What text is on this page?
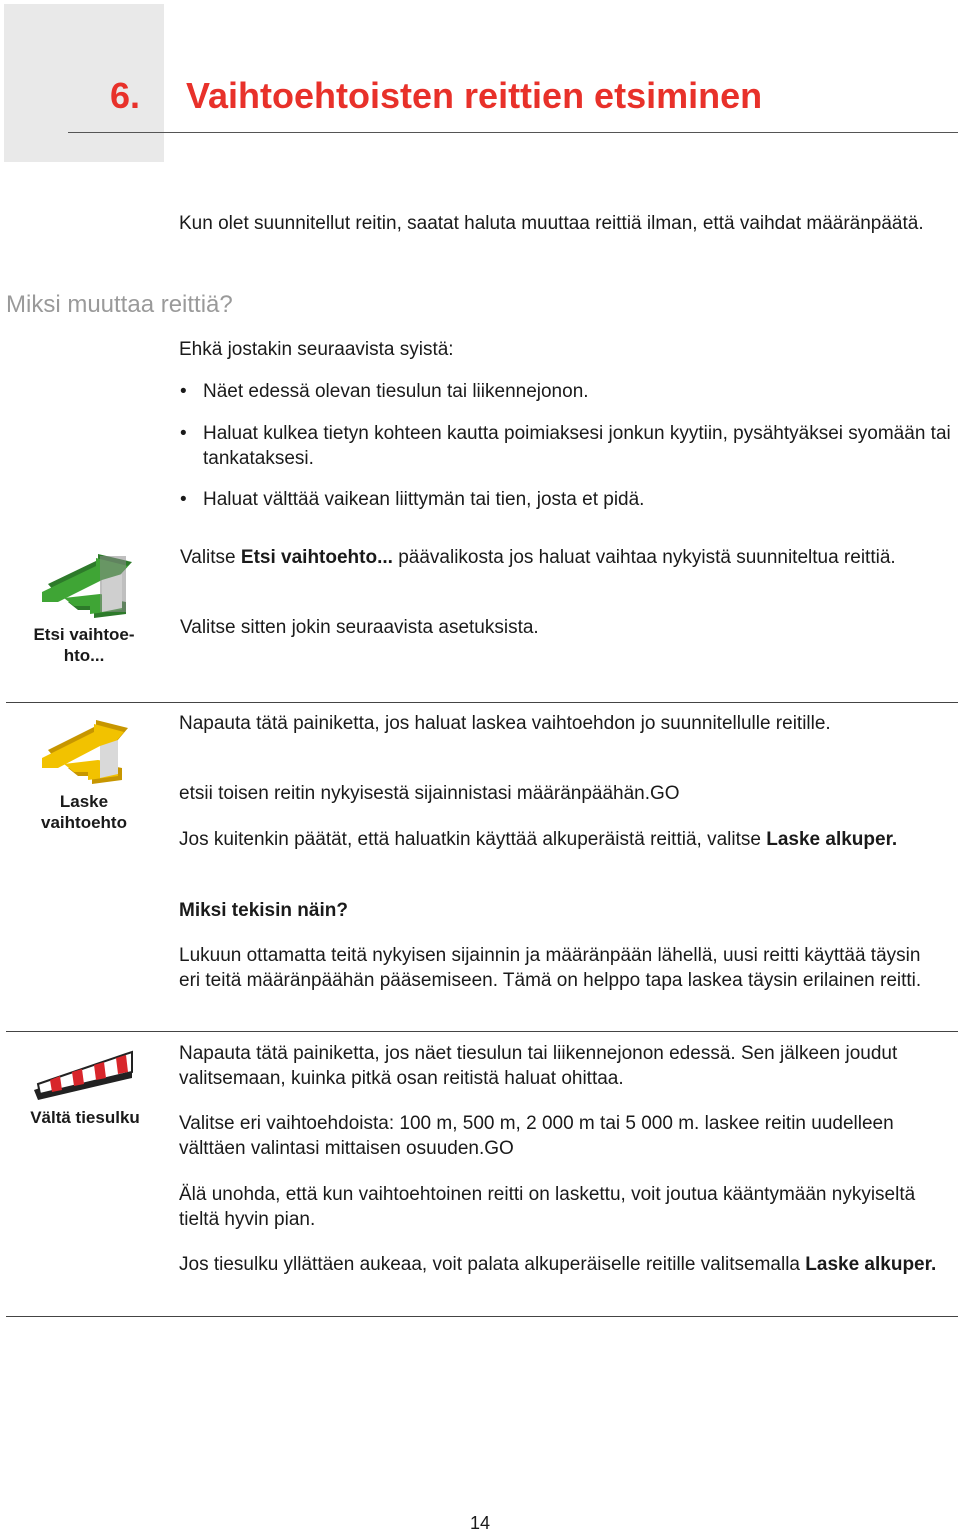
6. Vaihtoehtoisten reittien etsiminen
Kun olet suunnitellut reitin, saatat haluta muuttaa reittiä ilman, että vaihdat määränpäätä.
Miksi muuttaa reittiä?
Ehkä jostakin seuraavista syistä:
• Näet edessä olevan tiesulun tai liikennejonon.
• Haluat kulkea tietyn kohteen kautta poimiaksesi jonkun kyytiin, pysähtyäksei syomään tai tankataksesi.
• Haluat välttää vaikean liittymän tai tien, josta et pidä.
Etsi vaihtoe-hto...
Valitse Etsi vaihtoehto... päävalikosta jos haluat vaihtaa nykyistä suunniteltua reittiä.
Valitse sitten jokin seuraavista asetuksista.
Laske vaihtoehto
Napauta tätä painiketta, jos haluat laskea vaihtoehdon jo suunnitellulle reitille.
etsii toisen reitin nykyisestä sijainnistasi määränpäähän.GO
Jos kuitenkin päätät, että haluatkin käyttää alkuperäistä reittiä, valitse Laske alkuper.
Miksi tekisin näin?
Lukuun ottamatta teitä nykyisen sijainnin ja määränpään lähellä, uusi reitti käyttää täysin eri teitä määränpäähän pääsemiseen. Tämä on helppo tapa laskea täysin erilainen reitti.
Vältä tiesulku
Napauta tätä painiketta, jos näet tiesulun tai liikennejonon edessä. Sen jälkeen joudut valitsemaan, kuinka pitkä osan reitistä haluat ohittaa.
Valitse eri vaihtoehdoista: 100 m, 500 m, 2 000 m tai 5 000 m. laskee reitin uudelleen välttäen valintasi mittaisen osuuden.GO
Älä unohda, että kun vaihtoehtoinen reitti on laskettu, voit joutua kääntymään nykyiseltä tieltä hyvin pian.
Jos tiesulku yllättäen aukeaa, voit palata alkuperäiselle reitille valitsemalla Laske alkuper.
14
